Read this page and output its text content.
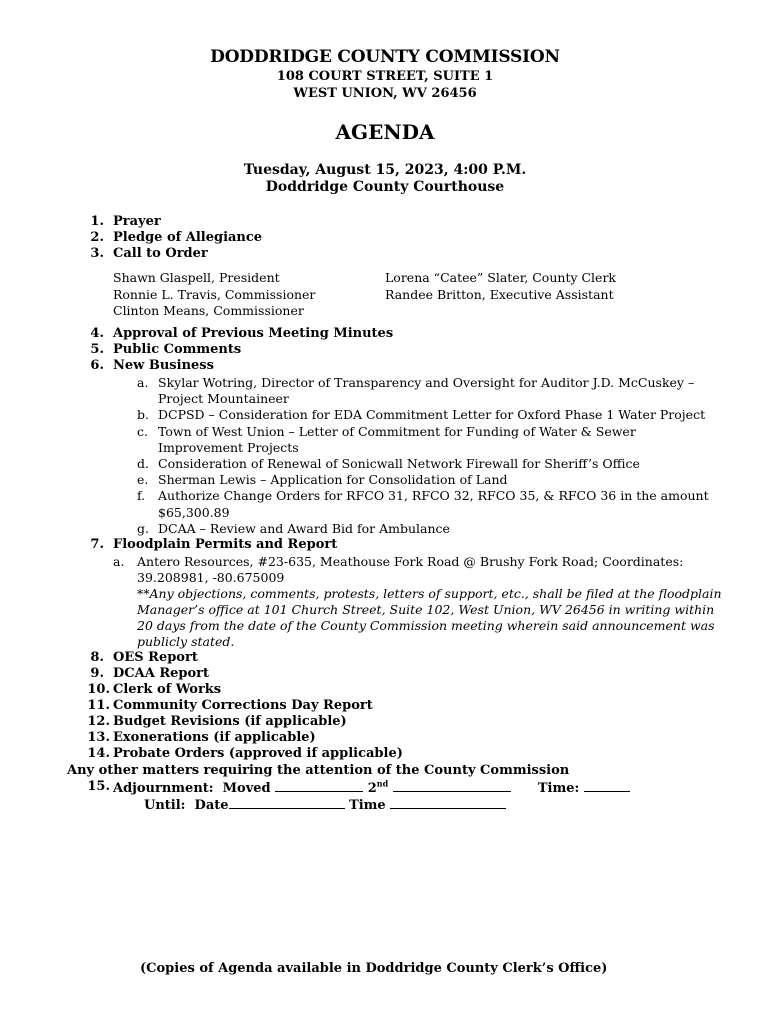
DODDRIDGE COUNTY COMMISSION
108 COURT STREET, SUITE 1
WEST UNION, WV 26456
AGENDA
Tuesday, August 15, 2023, 4:00 P.M.
Doddridge County Courthouse
1. Prayer
2. Pledge of Allegiance
3. Call to Order
Shawn Glaspell, President
Ronnie L. Travis, Commissioner
Clinton Means, Commissioner
Lorena “Catee” Slater, County Clerk
Randee Britton, Executive Assistant
4. Approval of Previous Meeting Minutes
5. Public Comments
6. New Business
a. Skylar Wotring, Director of Transparency and Oversight for Auditor J.D. McCuskey –
Project Mountaineer
b. DCPSD – Consideration for EDA Commitment Letter for Oxford Phase 1 Water Project
c. Town of West Union – Letter of Commitment for Funding of Water & Sewer
Improvement Projects
d. Consideration of Renewal of Sonicwall Network Firewall for Sheriff’s Office
e. Sherman Lewis – Application for Consolidation of Land
f. Authorize Change Orders for RFCO 31, RFCO 32, RFCO 35, & RFCO 36 in the amount
$65,300.89
g. DCAA – Review and Award Bid for Ambulance
7. Floodplain Permits and Report
a. Antero Resources, #23-635, Meathouse Fork Road @ Brushy Fork Road; Coordinates:
39.208981, -80.675009
**Any objections, comments, protests, letters of support, etc., shall be filed at the floodplain
Manager’s office at 101 Church Street, Suite 102, West Union, WV 26456 in writing within
20 days from the date of the County Commission meeting wherein said announcement was
publicly stated.
8. OES Report
9. DCAA Report
10. Clerk of Works
11. Community Corrections Day Report
12. Budget Revisions (if applicable)
13. Exonerations (if applicable)
14. Probate Orders (approved if applicable)
Any other matters requiring the attention of the County Commission
15. Adjournment: Moved	2nd	Time:
Until: Date	Time
(Copies of Agenda available in Doddridge County Clerk’s Office)
